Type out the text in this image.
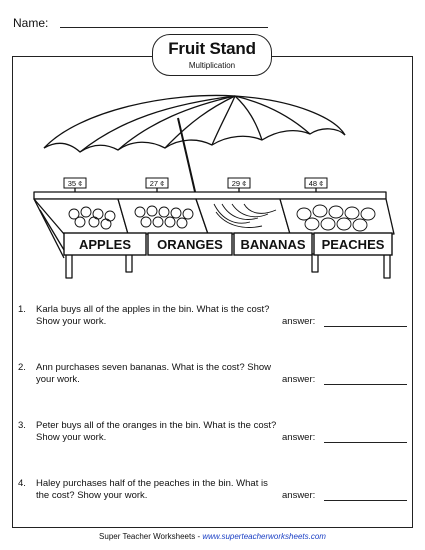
Name:
Fruit Stand
Multiplication
35 ¢	27 ¢	29 ¢	48 ¢
APPLES ORANGES BANANAS PEACHES
1. Karla buys all of the apples in the bin. What is the cost? Show your work.	answer:
2. Ann purchases seven bananas. What is the cost? Show your work.	answer:
3. Peter buys all of the oranges in the bin. What is the cost? Show your work.	answer:
4. Haley purchases half of the peaches in the bin. What is the cost? Show your work.	answer:
Super Teacher Worksheets - www.superteacherworksheets.com
